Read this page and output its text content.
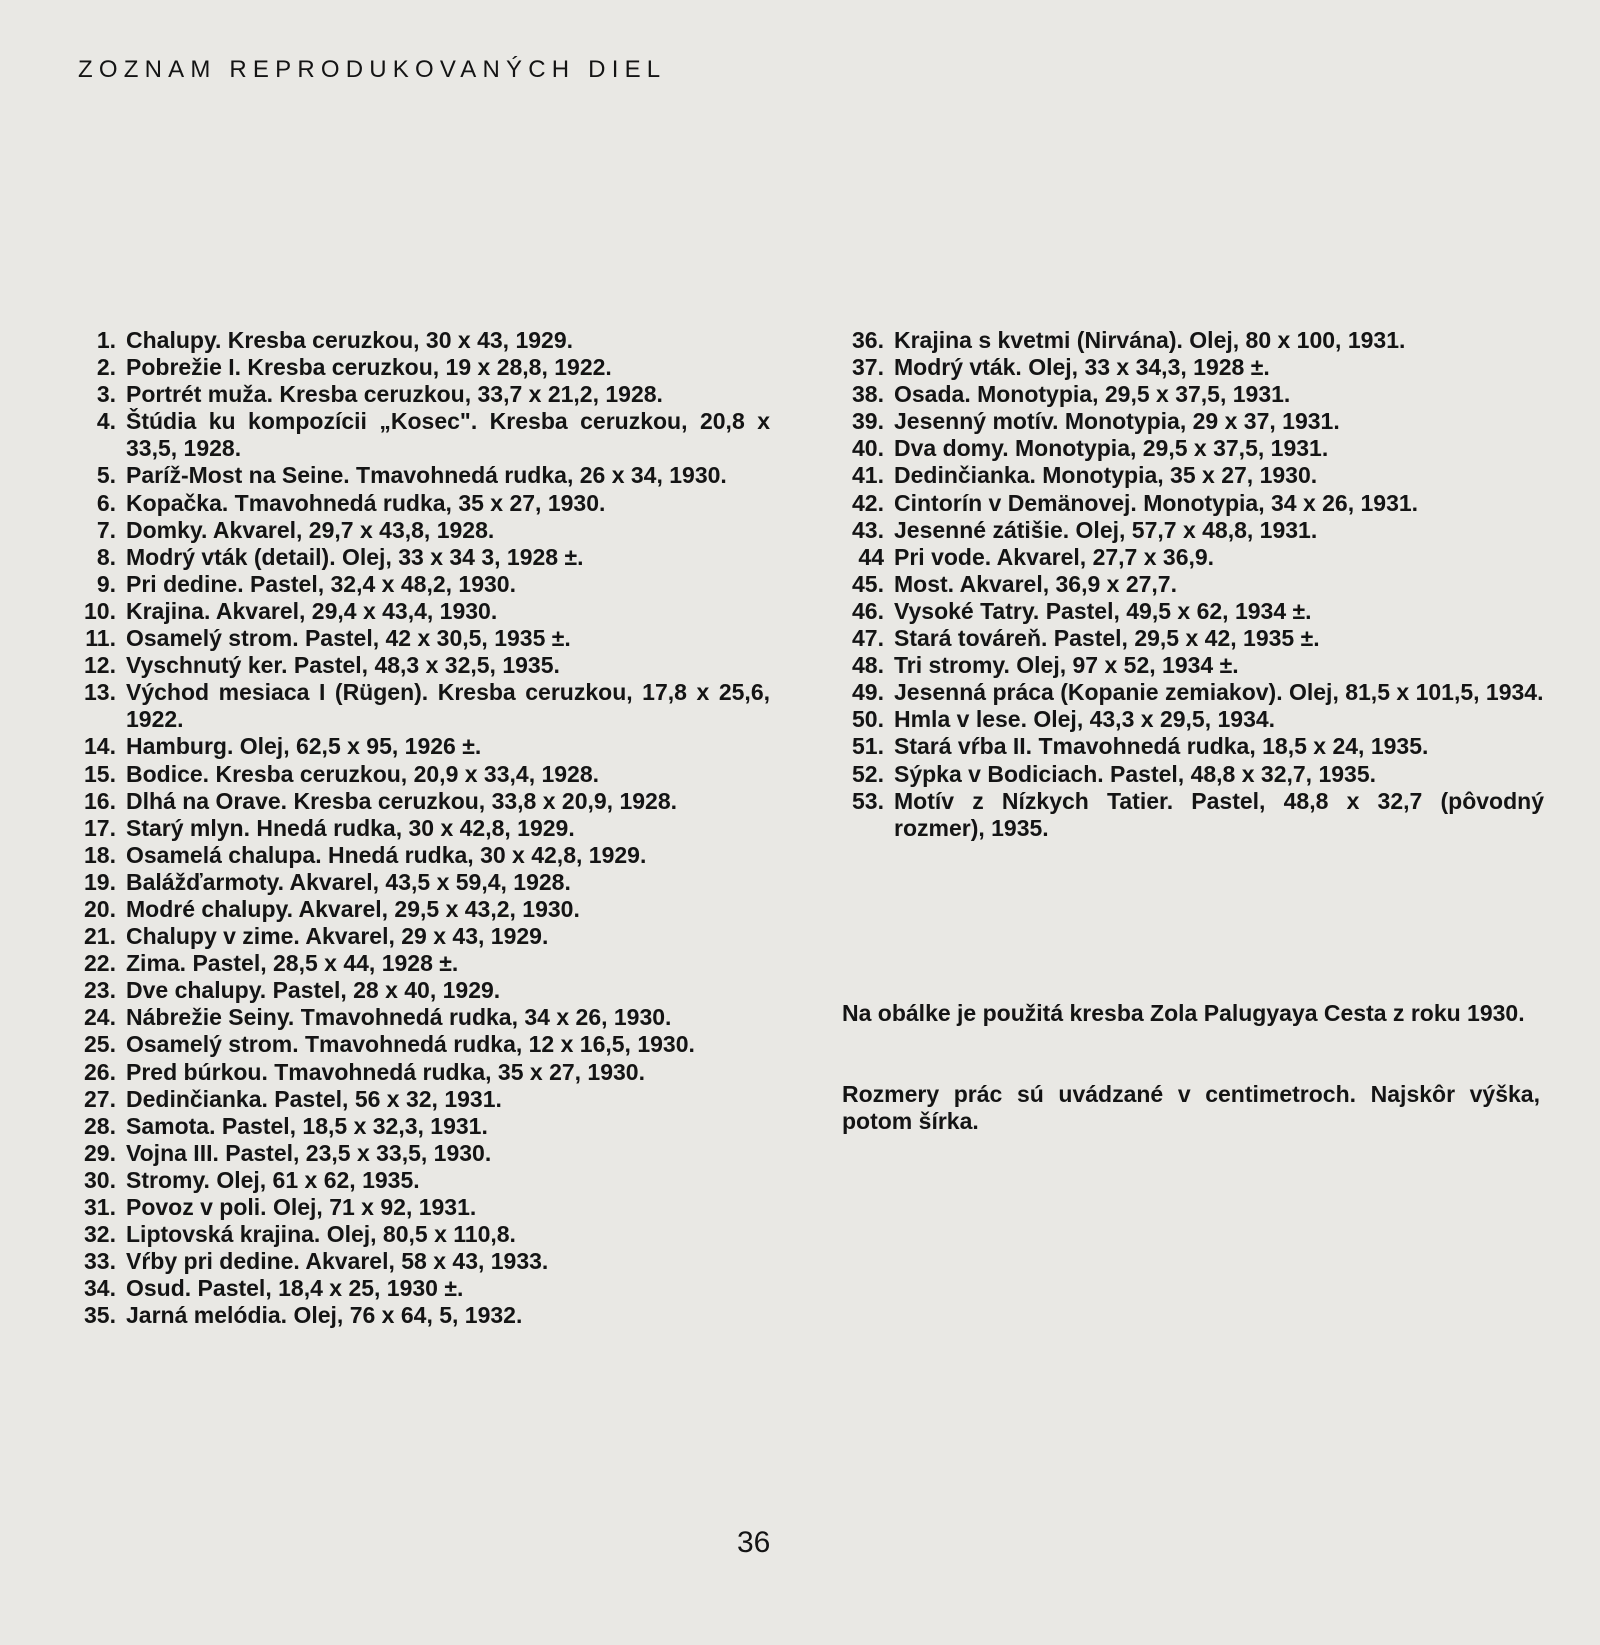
ZOZNAM REPRODUKOVANÝCH DIEL
1. Chalupy. Kresba ceruzkou, 30 x 43, 1929.
2. Pobrežie I. Kresba ceruzkou, 19 x 28,8, 1922.
3. Portrét muža. Kresba ceruzkou, 33,7 x 21,2, 1928.
4. Štúdia ku kompozícii „Kosec". Kresba ceruzkou, 20,8 x 33,5, 1928.
5. Paríž-Most na Seine. Tmavohnedá rudka, 26 x 34, 1930.
6. Kopačka. Tmavohnedá rudka, 35 x 27, 1930.
7. Domky. Akvarel, 29,7 x 43,8, 1928.
8. Modrý vták (detail). Olej, 33 x 34 3, 1928 ±.
9. Pri dedine. Pastel, 32,4 x 48,2, 1930.
10. Krajina. Akvarel, 29,4 x 43,4, 1930.
11. Osamelý strom. Pastel, 42 x 30,5, 1935 ±.
12. Vyschnutý ker. Pastel, 48,3 x 32,5, 1935.
13. Východ mesiaca I (Rügen). Kresba ceruzkou, 17,8 x 25,6, 1922.
14. Hamburg. Olej, 62,5 x 95, 1926 ±.
15. Bodice. Kresba ceruzkou, 20,9 x 33,4, 1928.
16. Dlhá na Orave. Kresba ceruzkou, 33,8 x 20,9, 1928.
17. Starý mlyn. Hnedá rudka, 30 x 42,8, 1929.
18. Osamelá chalupa. Hnedá rudka, 30 x 42,8, 1929.
19. Balážďarmoty. Akvarel, 43,5 x 59,4, 1928.
20. Modré chalupy. Akvarel, 29,5 x 43,2, 1930.
21. Chalupy v zime. Akvarel, 29 x 43, 1929.
22. Zima. Pastel, 28,5 x 44, 1928 ±.
23. Dve chalupy. Pastel, 28 x 40, 1929.
24. Nábrežie Seiny. Tmavohnedá rudka, 34 x 26, 1930.
25. Osamelý strom. Tmavohnedá rudka, 12 x 16,5, 1930.
26. Pred búrkou. Tmavohnedá rudka, 35 x 27, 1930.
27. Dedinčianka. Pastel, 56 x 32, 1931.
28. Samota. Pastel, 18,5 x 32,3, 1931.
29. Vojna III. Pastel, 23,5 x 33,5, 1930.
30. Stromy. Olej, 61 x 62, 1935.
31. Povoz v poli. Olej, 71 x 92, 1931.
32. Liptovská krajina. Olej, 80,5 x 110,8.
33. Vŕby pri dedine. Akvarel, 58 x 43, 1933.
34. Osud. Pastel, 18,4 x 25, 1930 ±.
35. Jarná melódia. Olej, 76 x 64, 5, 1932.
36. Krajina s kvetmi (Nirvána). Olej, 80 x 100, 1931.
37. Modrý vták. Olej, 33 x 34,3, 1928 ±.
38. Osada. Monotypia, 29,5 x 37,5, 1931.
39. Jesenný motív. Monotypia, 29 x 37, 1931.
40. Dva domy. Monotypia, 29,5 x 37,5, 1931.
41. Dedinčianka. Monotypia, 35 x 27, 1930.
42. Cintorín v Demänovej. Monotypia, 34 x 26, 1931.
43. Jesenné zátišie. Olej, 57,7 x 48,8, 1931.
44 Pri vode. Akvarel, 27,7 x 36,9.
45. Most. Akvarel, 36,9 x 27,7.
46. Vysoké Tatry. Pastel, 49,5 x 62, 1934 ±.
47. Stará továreň. Pastel, 29,5 x 42, 1935 ±.
48. Tri stromy. Olej, 97 x 52, 1934 ±.
49. Jesenná práca (Kopanie zemiakov). Olej, 81,5 x 101,5, 1934.
50. Hmla v lese. Olej, 43,3 x 29,5, 1934.
51. Stará vŕba II. Tmavohnedá rudka, 18,5 x 24, 1935.
52. Sýpka v Bodiciach. Pastel, 48,8 x 32,7, 1935.
53. Motív z Nízkych Tatier. Pastel, 48,8 x 32,7 (pôvodný rozmer), 1935.
Na obálke je použitá kresba Zola Palugyaya Cesta z roku 1930.
Rozmery prác sú uvádzané v centimetroch. Najskôr výška, potom šírka.
36
